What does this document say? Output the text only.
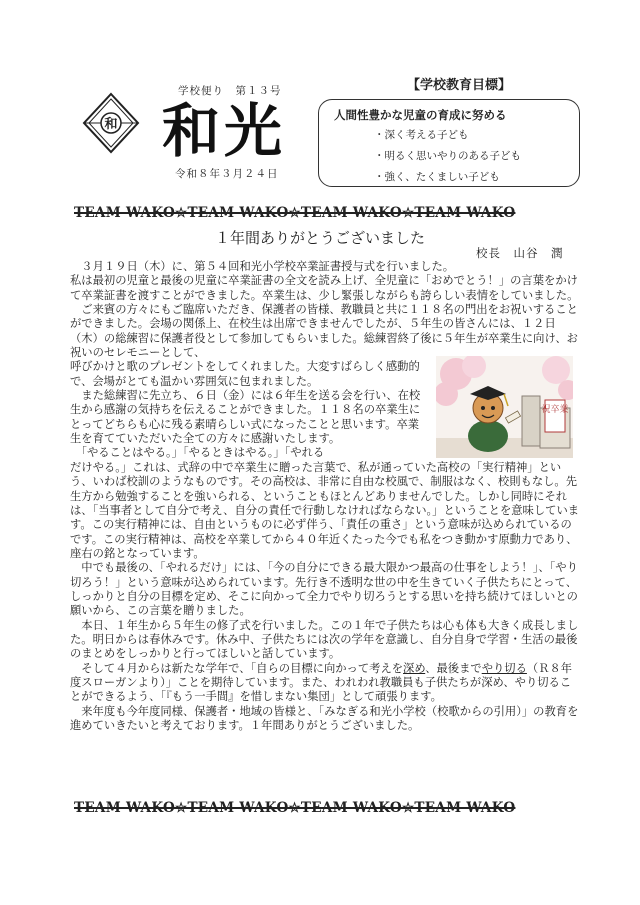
和
学校便り　第１３号
和光
令和８年３月２４日
【学校教育目標】
人間性豊かな児童の育成に努める
・深く考える子ども
・明るく思いやりのある子ども
・強く、たくましい子ども
TEAM WAKO☆TEAM WAKO☆TEAM WAKO☆TEAM WAKO
１年間ありがとうございました
校長　山谷　潤
祝卒業

　３月１９日（木）に、第５４回和光小学校卒業証書授与式を行いました。

私は最初の児童と最後の児童に卒業証書の全文を読み上げ、全児童に「おめでとう！」の言葉をかけて卒業証書を渡すことができました。卒業生は、少し緊張しながらも誇らしい表情をしていました。

　ご来賓の方々にもご臨席いただき、保護者の皆様、教職員と共に１１８名の門出をお祝いすることができました。会場の関係上、在校生は出席できませんでしたが、５年生の皆さんには、１２日（木）の総練習に保護者役として参加してもらいました。総練習終了後に５年生が卒業生に向け、お祝いのセレモニーとして、

呼びかけと歌のプレゼントをしてくれました。大変すばらしく感動的で、会場がとても温かい雰囲気に包まれました。

　また総練習に先立ち、６日（金）には６年生を送る会を行い、在校生から感謝の気持ちを伝えることができました。１１８名の卒業生にとってどちらも心に残る素晴らしい式になったことと思います。卒業生を育てていただいた全ての方々に感謝いたします。

　「やることはやる。」「やるときはやる。」「やれる

だけやる。」これは、式辞の中で卒業生に贈った言葉で、私が通っていた高校の「実行精神」という、いわば校訓のようなものです。その高校は、非常に自由な校風で、制服はなく、校則もなし。先生方から勉強することを強いられる、ということもほとんどありませんでした。しかし同時にそれは、「当事者として自分で考え、自分の責任で行動しなければならない。」ということを意味しています。この実行精神には、自由というものに必ず伴う、「責任の重さ」という意味が込められているのです。この実行精神は、高校を卒業してから４０年近くたった今でも私をつき動かす原動力であり、座右の銘となっています。

　中でも最後の、「やれるだけ」には、「今の自分にできる最大限かつ最高の仕事をしよう！」、「やり切ろう！」という意味が込められています。先行き不透明な世の中を生きていく子供たちにとって、しっかりと自分の目標を定め、そこに向かって全力でやり切ろうとする思いを持ち続けてほしいとの願いから、この言葉を贈りました。

　本日、１年生から５年生の修了式を行いました。この１年で子供たちは心も体も大きく成長しました。明日からは春休みです。休み中、子供たちには次の学年を意識し、自分自身で学習・生活の最後のまとめをしっかりと行ってほしいと話しています。

　そして４月からは新たな学年で、「自らの目標に向かって考えを深め、最後までやり切る（Ｒ８年度スローガンより）」ことを期待しています。また、われわれ教職員も子供たちが深め、やり切ることができるよう、「『もう一手間』を惜しまない集団」として頑張ります。

　来年度も今年度同様、保護者・地域の皆様と、「みなぎる和光小学校（校歌からの引用）」の教育を進めていきたいと考えております。１年間ありがとうございました。

TEAM WAKO☆TEAM WAKO☆TEAM WAKO☆TEAM WAKO
